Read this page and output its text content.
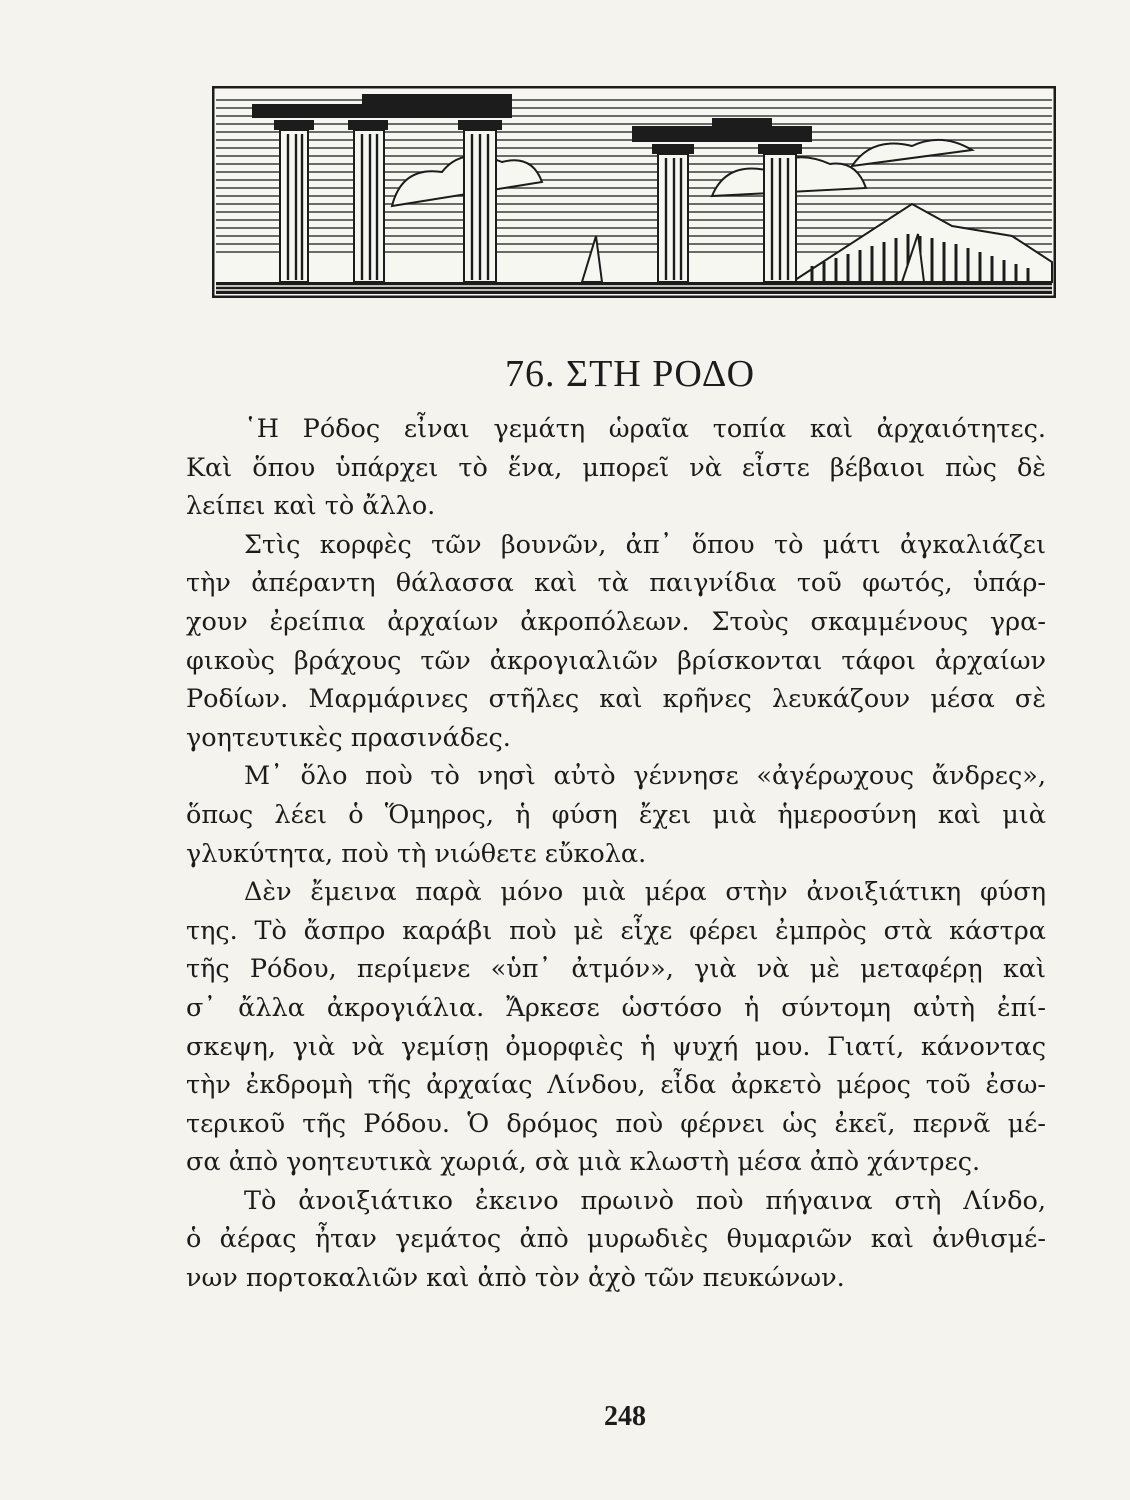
76. ΣΤΗ ΡΟΔΟ

῾Η Ρόδος εἶναι γεμάτη ὡραῖα τοπία καὶ ἀρχαιότητες.
Καὶ ὅπου ὑπάρχει τὸ ἕνα, μπορεῖ νὰ εἶστε βέβαιοι πὼς δὲ
λείπει καὶ τὸ ἄλλο.

Στὶς κορφὲς τῶν βουνῶν, ἀπ᾽ ὅπου τὸ μάτι ἀγκαλιάζει
τὴν ἀπέραντη θάλασσα καὶ τὰ παιγνίδια τοῦ φωτός, ὑπάρ-
χουν ἐρείπια ἀρχαίων ἀκροπόλεων. Στοὺς σκαμμένους γρα-
φικοὺς βράχους τῶν ἀκρογιαλιῶν βρίσκονται τάφοι ἀρχαίων
Ροδίων. Μαρμάρινες στῆλες καὶ κρῆνες λευκάζουν μέσα σὲ
γοητευτικὲς πρασινάδες.

Μ᾽ ὅλο ποὺ τὸ νησὶ αὐτὸ γέννησε «ἀγέρωχους ἄνδρες»,
ὅπως λέει ὁ Ὅμηρος, ἡ φύση ἔχει μιὰ ἡμεροσύνη καὶ μιὰ
γλυκύτητα, ποὺ τὴ νιώθετε εὔκολα.

Δὲν ἔμεινα παρὰ μόνο μιὰ μέρα στὴν ἀνοιξιάτικη φύση
της. Τὸ ἄσπρο καράβι ποὺ μὲ εἶχε φέρει ἐμπρὸς στὰ κάστρα
τῆς Ρόδου, περίμενε «ὑπ᾽ ἀτμόν», γιὰ νὰ μὲ μεταφέρῃ καὶ
σ᾽ ἄλλα ἀκρογιάλια. Ἄρκεσε ὡστόσο ἡ σύντομη αὐτὴ ἐπί-
σκεψη, γιὰ νὰ γεμίσῃ ὀμορφιὲς ἡ ψυχή μου. Γιατί, κάνοντας
τὴν ἐκδρομὴ τῆς ἀρχαίας Λίνδου, εἶδα ἀρκετὸ μέρος τοῦ ἐσω-
τερικοῦ τῆς Ρόδου. Ὁ δρόμος ποὺ φέρνει ὡς ἐκεῖ, περνᾶ μέ-
σα ἀπὸ γοητευτικὰ χωριά, σὰ μιὰ κλωστὴ μέσα ἀπὸ χάντρες.

Τὸ ἀνοιξιάτικο ἐκεινο πρωινὸ ποὺ πήγαινα στὴ Λίνδο,
ὁ ἀέρας ἦταν γεμάτος ἀπὸ μυρωδιὲς θυμαριῶν καὶ ἀνθισμέ-
νων πορτοκαλιῶν καὶ ἀπὸ τὸν ἀχὸ τῶν πευκώνων.

248
